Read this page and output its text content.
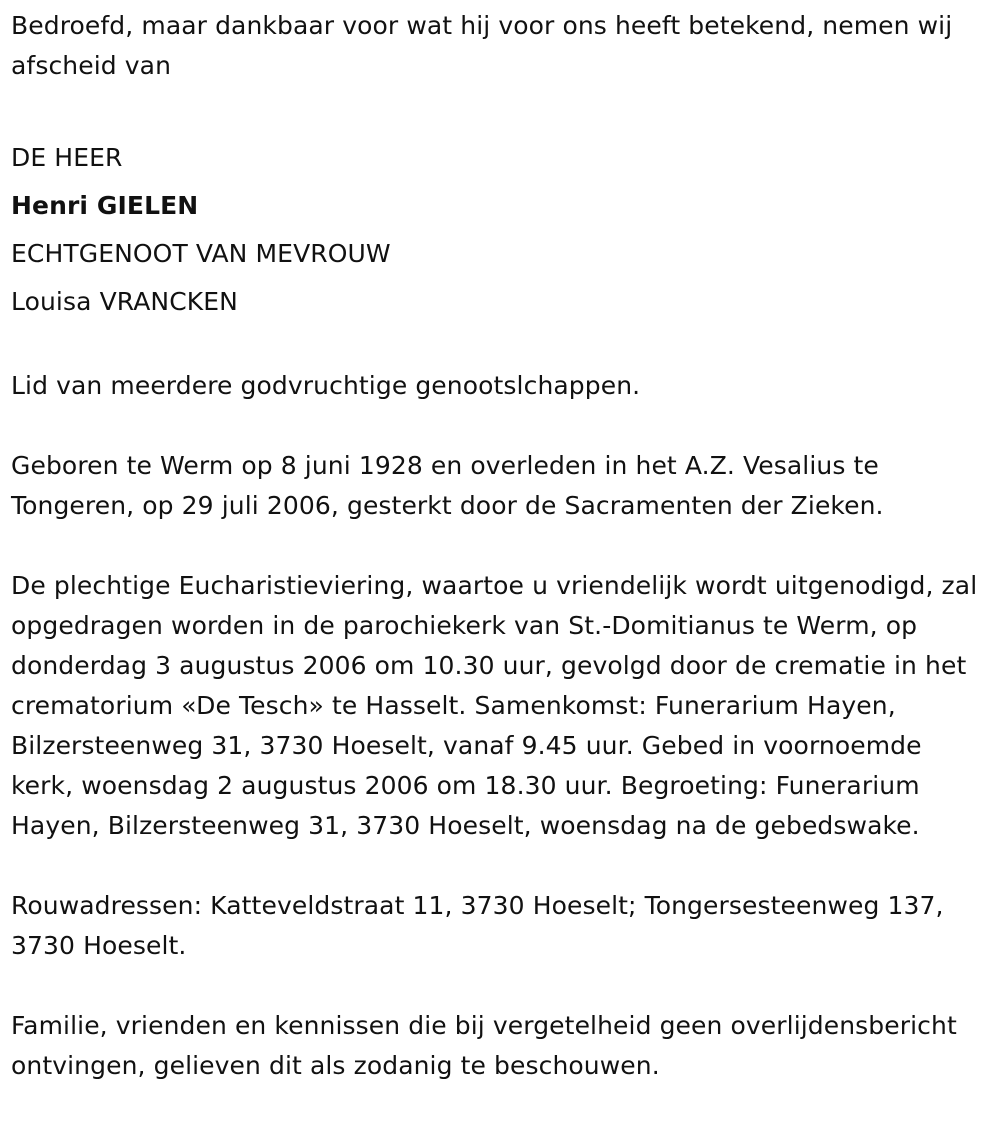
Bedroefd, maar dankbaar voor wat hij voor ons heeft betekend, nemen wij afscheid van

DE HEER

Henri GIELEN

ECHTGENOOT VAN MEVROUW

Louisa VRANCKEN

Lid van meerdere godvruchtige genootslchappen.

Geboren te Werm op 8 juni 1928 en overleden in het A.Z. Vesalius te Tongeren, op 29 juli 2006, gesterkt door de Sacramenten der Zieken.

De plechtige Eucharistieviering, waartoe u vriendelijk wordt uitgenodigd, zal opgedragen worden in de parochiekerk van St.-Domitianus te Werm, op donderdag 3 augustus 2006 om 10.30 uur, gevolgd door de crematie in het crematorium «De Tesch» te Hasselt. Samenkomst: Funerarium Hayen, Bilzersteenweg 31, 3730 Hoeselt, vanaf 9.45 uur. Gebed in voornoemde kerk, woensdag 2 augustus 2006 om 18.30 uur. Begroeting: Funerarium Hayen, Bilzersteenweg 31, 3730 Hoeselt, woensdag na de gebedswake.

Rouwadressen: Katteveldstraat 11, 3730 Hoeselt; Tongersesteenweg 137, 3730 Hoeselt.

Familie, vrienden en kennissen die bij vergetelheid geen overlijdensbericht ontvingen, gelieven dit als zodanig te beschouwen.
